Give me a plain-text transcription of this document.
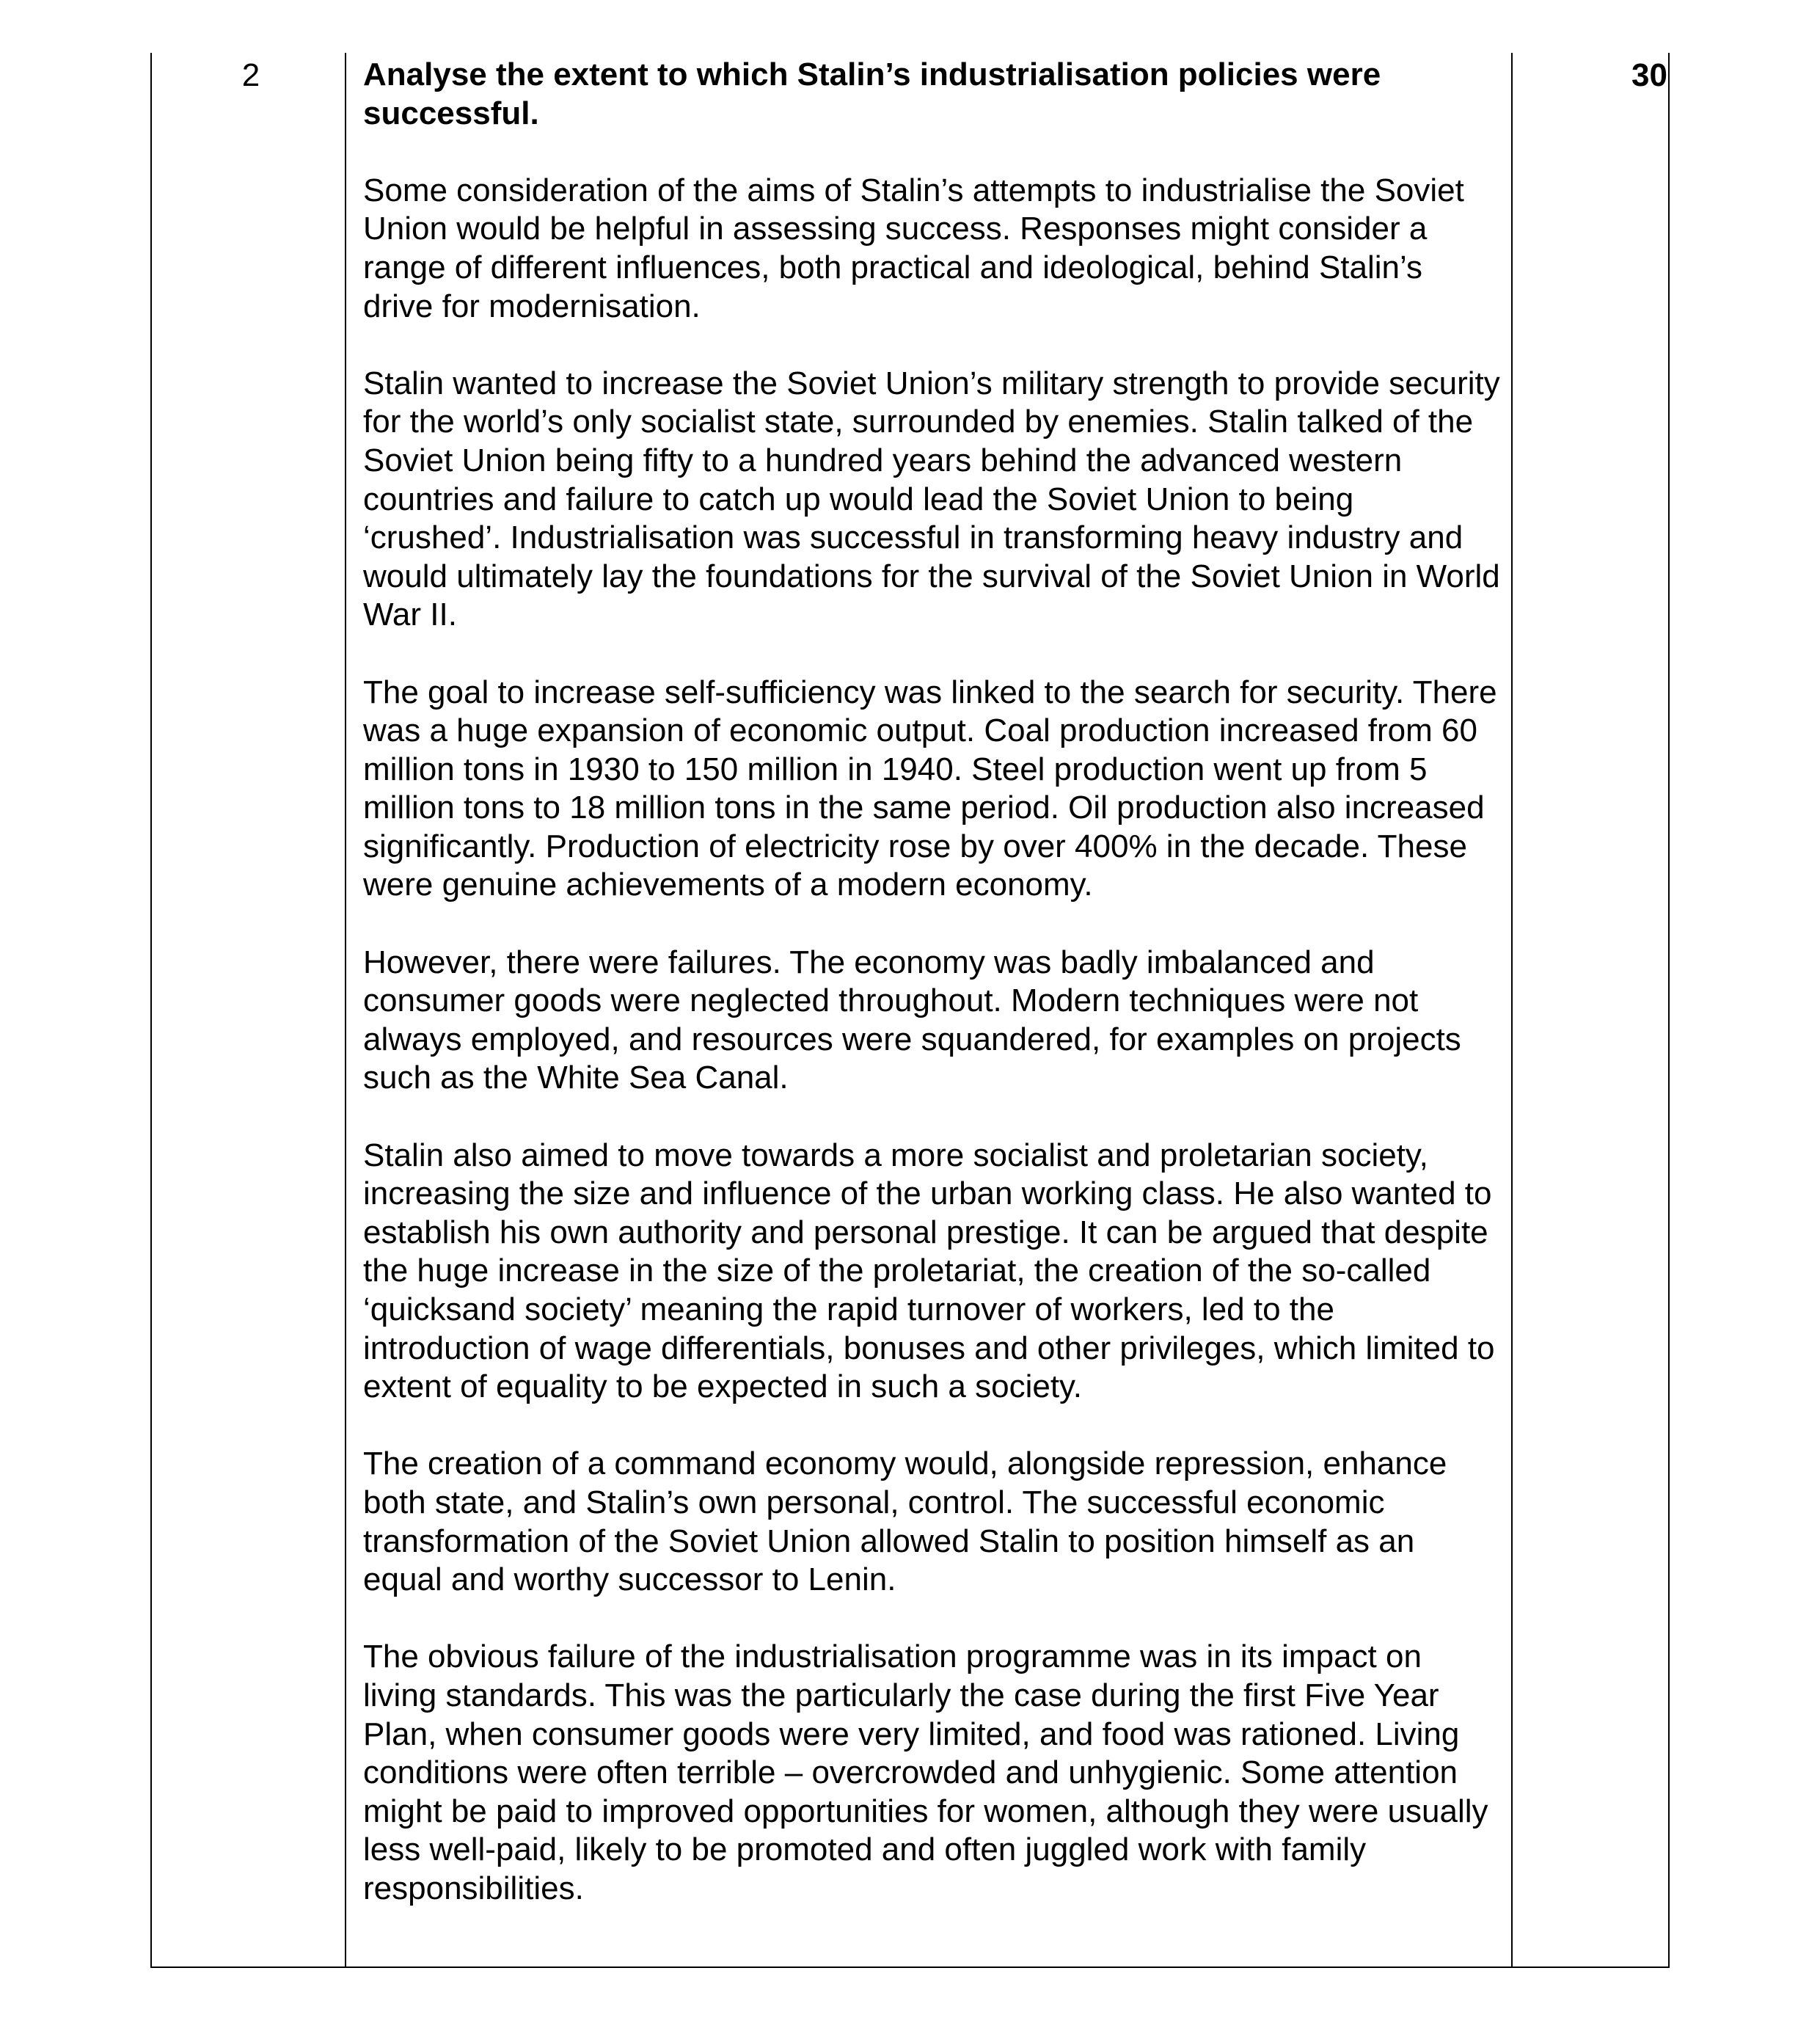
2	Analyse the extent to which Stalin’s industrialisation policies were successful.

Some consideration of the aims of Stalin’s attempts to industrialise the Soviet Union would be helpful in assessing success. Responses might consider a range of different influences, both practical and ideological, behind Stalin’s drive for modernisation.

Stalin wanted to increase the Soviet Union’s military strength to provide security for the world’s only socialist state, surrounded by enemies. Stalin talked of the Soviet Union being fifty to a hundred years behind the advanced western countries and failure to catch up would lead the Soviet Union to being ‘crushed’. Industrialisation was successful in transforming heavy industry and would ultimately lay the foundations for the survival of the Soviet Union in World War II.

The goal to increase self-sufficiency was linked to the search for security. There was a huge expansion of economic output. Coal production increased from 60 million tons in 1930 to 150 million in 1940. Steel production went up from 5 million tons to 18 million tons in the same period. Oil production also increased significantly. Production of electricity rose by over 400% in the decade. These were genuine achievements of a modern economy.

However, there were failures. The economy was badly imbalanced and consumer goods were neglected throughout. Modern techniques were not always employed, and resources were squandered, for examples on projects such as the White Sea Canal.

Stalin also aimed to move towards a more socialist and proletarian society, increasing the size and influence of the urban working class. He also wanted to establish his own authority and personal prestige. It can be argued that despite the huge increase in the size of the proletariat, the creation of the so-called ‘quicksand society’ meaning the rapid turnover of workers, led to the introduction of wage differentials, bonuses and other privileges, which limited to extent of equality to be expected in such a society.

The creation of a command economy would, alongside repression, enhance both state, and Stalin’s own personal, control. The successful economic transformation of the Soviet Union allowed Stalin to position himself as an equal and worthy successor to Lenin.

The obvious failure of the industrialisation programme was in its impact on living standards. This was the particularly the case during the first Five Year Plan, when consumer goods were very limited, and food was rationed. Living conditions were often terrible – overcrowded and unhygienic. Some attention might be paid to improved opportunities for women, although they were usually less well-paid, likely to be promoted and often juggled work with family responsibilities.

30
